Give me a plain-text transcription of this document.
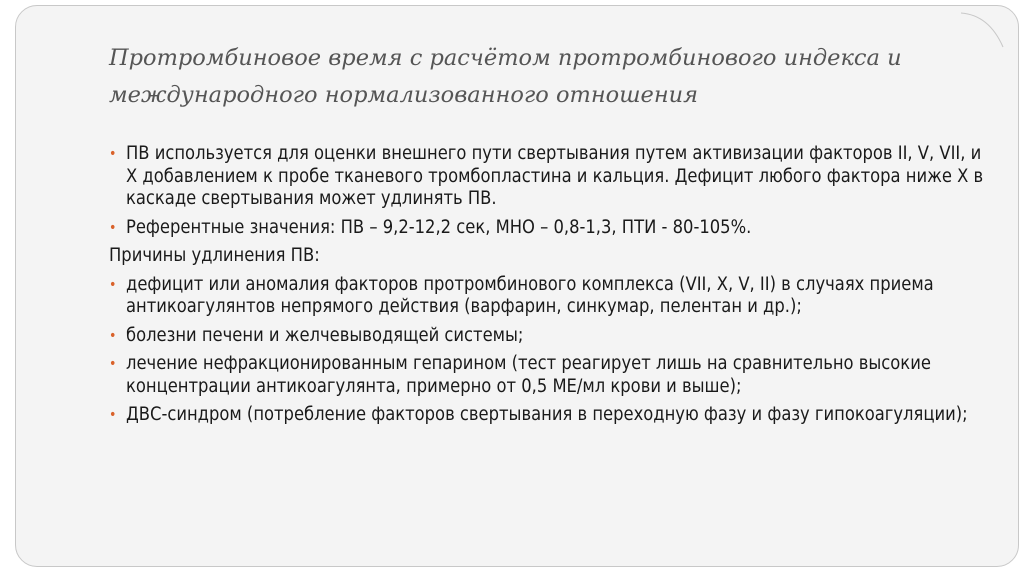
Протромбиновое время с расчётом протромбинового индекса и международного нормализованного отношения
• ПВ используется для оценки внешнего пути свертывания путем активизации факторов II, V, VII, и X добавлением к пробе тканевого тромбопластина и кальция. Дефицит любого фактора ниже X в каскаде свертывания может удлинять ПВ.
• Референтные значения: ПВ – 9,2-12,2 сек, МНО – 0,8-1,3, ПТИ - 80-105%.
Причины удлинения ПВ:
• дефицит или аномалия факторов протромбинового комплекса (VII, X, V, II) в случаях приема антикоагулянтов непрямого действия (варфарин, синкумар, пелентан и др.);
• болезни печени и желчевыводящей системы;
• лечение нефракционированным гепарином (тест реагирует лишь на сравнительно высокие концентрации антикоагулянта, примерно от 0,5 МЕ/мл крови и выше);
• ДВС-синдром (потребление факторов свертывания в переходную фазу и фазу гипокоагуляции);
